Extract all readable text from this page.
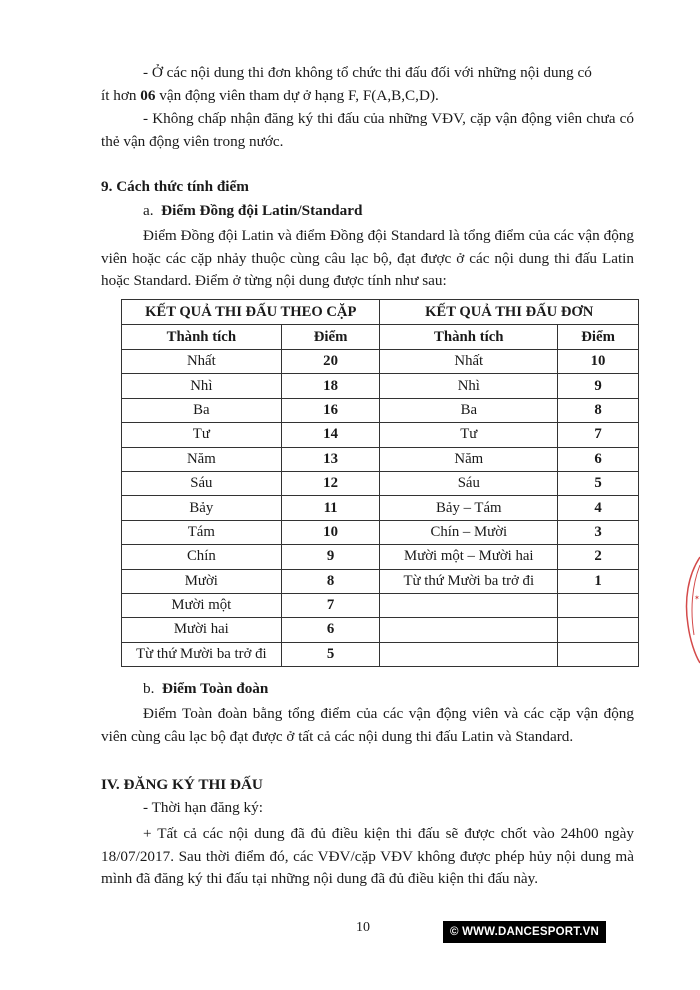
- Ở các nội dung thi đơn không tổ chức thi đấu đối với những nội dung có
ít hơn 06 vận động viên tham dự ở hạng F, F(A,B,C,D).
- Không chấp nhận đăng ký thi đấu của những VĐV, cặp vận động viên chưa có thẻ vận động viên trong nước.
9. Cách thức tính điểm
a. Điểm Đồng đội Latin/Standard
Điểm Đồng đội Latin và điểm Đồng đội Standard là tổng điểm của các vận động viên hoặc các cặp nhảy thuộc cùng câu lạc bộ, đạt được ở các nội dung thi đấu Latin hoặc Standard. Điểm ở từng nội dung được tính như sau:
KẾT QUẢ THI ĐẤU THEO CẶP		KẾT QUẢ THI ĐẤU ĐƠN	
Thành tích	Điểm	Thành tích	Điểm
Nhất	20	Nhất	10
Nhì	18	Nhì	9
Ba	16	Ba	8
Tư	14	Tư	7
Năm	13	Năm	6
Sáu	12	Sáu	5
Bảy	11	Bảy – Tám	4
Tám	10	Chín – Mười	3
Chín	9	Mười một – Mười hai	2
Mười	8	Từ thứ Mười ba trở đi	1
Mười một	7		
Mười hai	6		
Từ thứ Mười ba trở đi	5		
b. Điểm Toàn đoàn
Điểm Toàn đoàn bằng tổng điểm của các vận động viên và các cặp vận động viên cùng câu lạc bộ đạt được ở tất cả các nội dung thi đấu Latin và Standard.
IV. ĐĂNG KÝ THI ĐẤU
- Thời hạn đăng ký:
+ Tất cả các nội dung đã đủ điều kiện thi đấu sẽ được chốt vào 24h00 ngày 18/07/2017. Sau thời điểm đó, các VĐV/cặp VĐV không được phép hủy nội dung mà mình đã đăng ký thi đấu tại những nội dung đã đủ điều kiện thi đấu này.
10	© WWW.DANCESPORT.VN
✶
